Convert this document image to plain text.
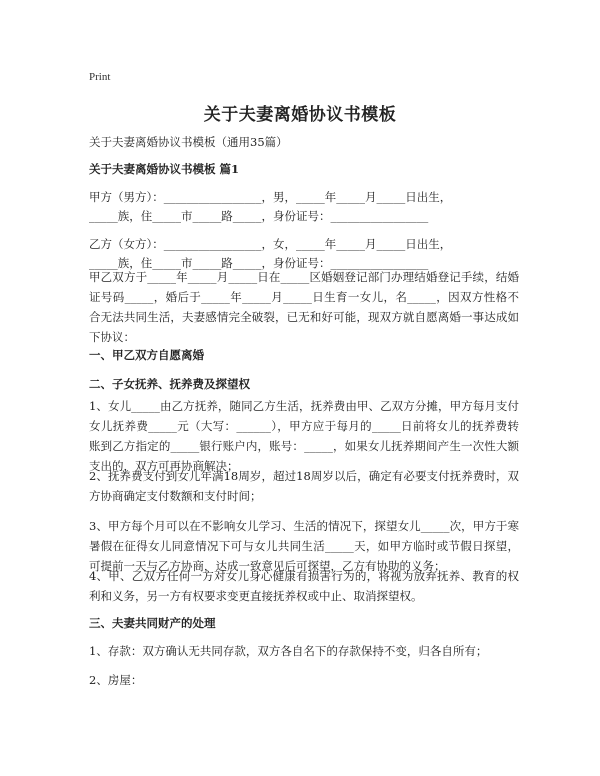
Print
关于夫妻离婚协议书模板
关于夫妻离婚协议书模板（通用35篇）
关于夫妻离婚协议书模板 篇1
甲方（男方）：_________________，男，_____年_____月_____日出生，
_____族，住_____市_____路_____，身份证号：_________________
乙方（女方）：_________________，女，_____年_____月_____日出生，
_____族，住_____市_____路_____，身份证号：_________________
甲乙双方于_____年_____月_____日在_____区婚姻登记部门办理结婚登记手续，结婚证号码_____，婚后于_____年_____月_____日生育一女儿，名_____，因双方性格不合无法共同生活，夫妻感情完全破裂，已无和好可能，现双方就自愿离婚一事达成如下协议：
一、甲乙双方自愿离婚
二、子女抚养、抚养费及探望权
1、女儿_____由乙方抚养，随同乙方生活，抚养费由甲、乙双方分摊，甲方每月支付女儿抚养费_____元（大写：______），甲方应于每月的_____日前将女儿的抚养费转账到乙方指定的_____银行账户内，账号：_____，如果女儿抚养期间产生一次性大额支出的，双方可再协商解决；
2、抚养费支付到女儿年满18周岁，超过18周岁以后，确定有必要支付抚养费时，双方协商确定支付数额和支付时间；
3、甲方每个月可以在不影响女儿学习、生活的情况下，探望女儿_____次，甲方于寒暑假在征得女儿同意情况下可与女儿共同生活_____天，如甲方临时或节假日探望，可提前一天与乙方协商，达成一致意见后可探望，乙方有协助的义务；
4、甲、乙双方任何一方对女儿身心健康有损害行为的，将视为放弃抚养、教育的权利和义务，另一方有权要求变更直接抚养权或中止、取消探望权。
三、夫妻共同财产的处理
1、存款：双方确认无共同存款，双方各自名下的存款保持不变，归各自所有；
2、房屋：
